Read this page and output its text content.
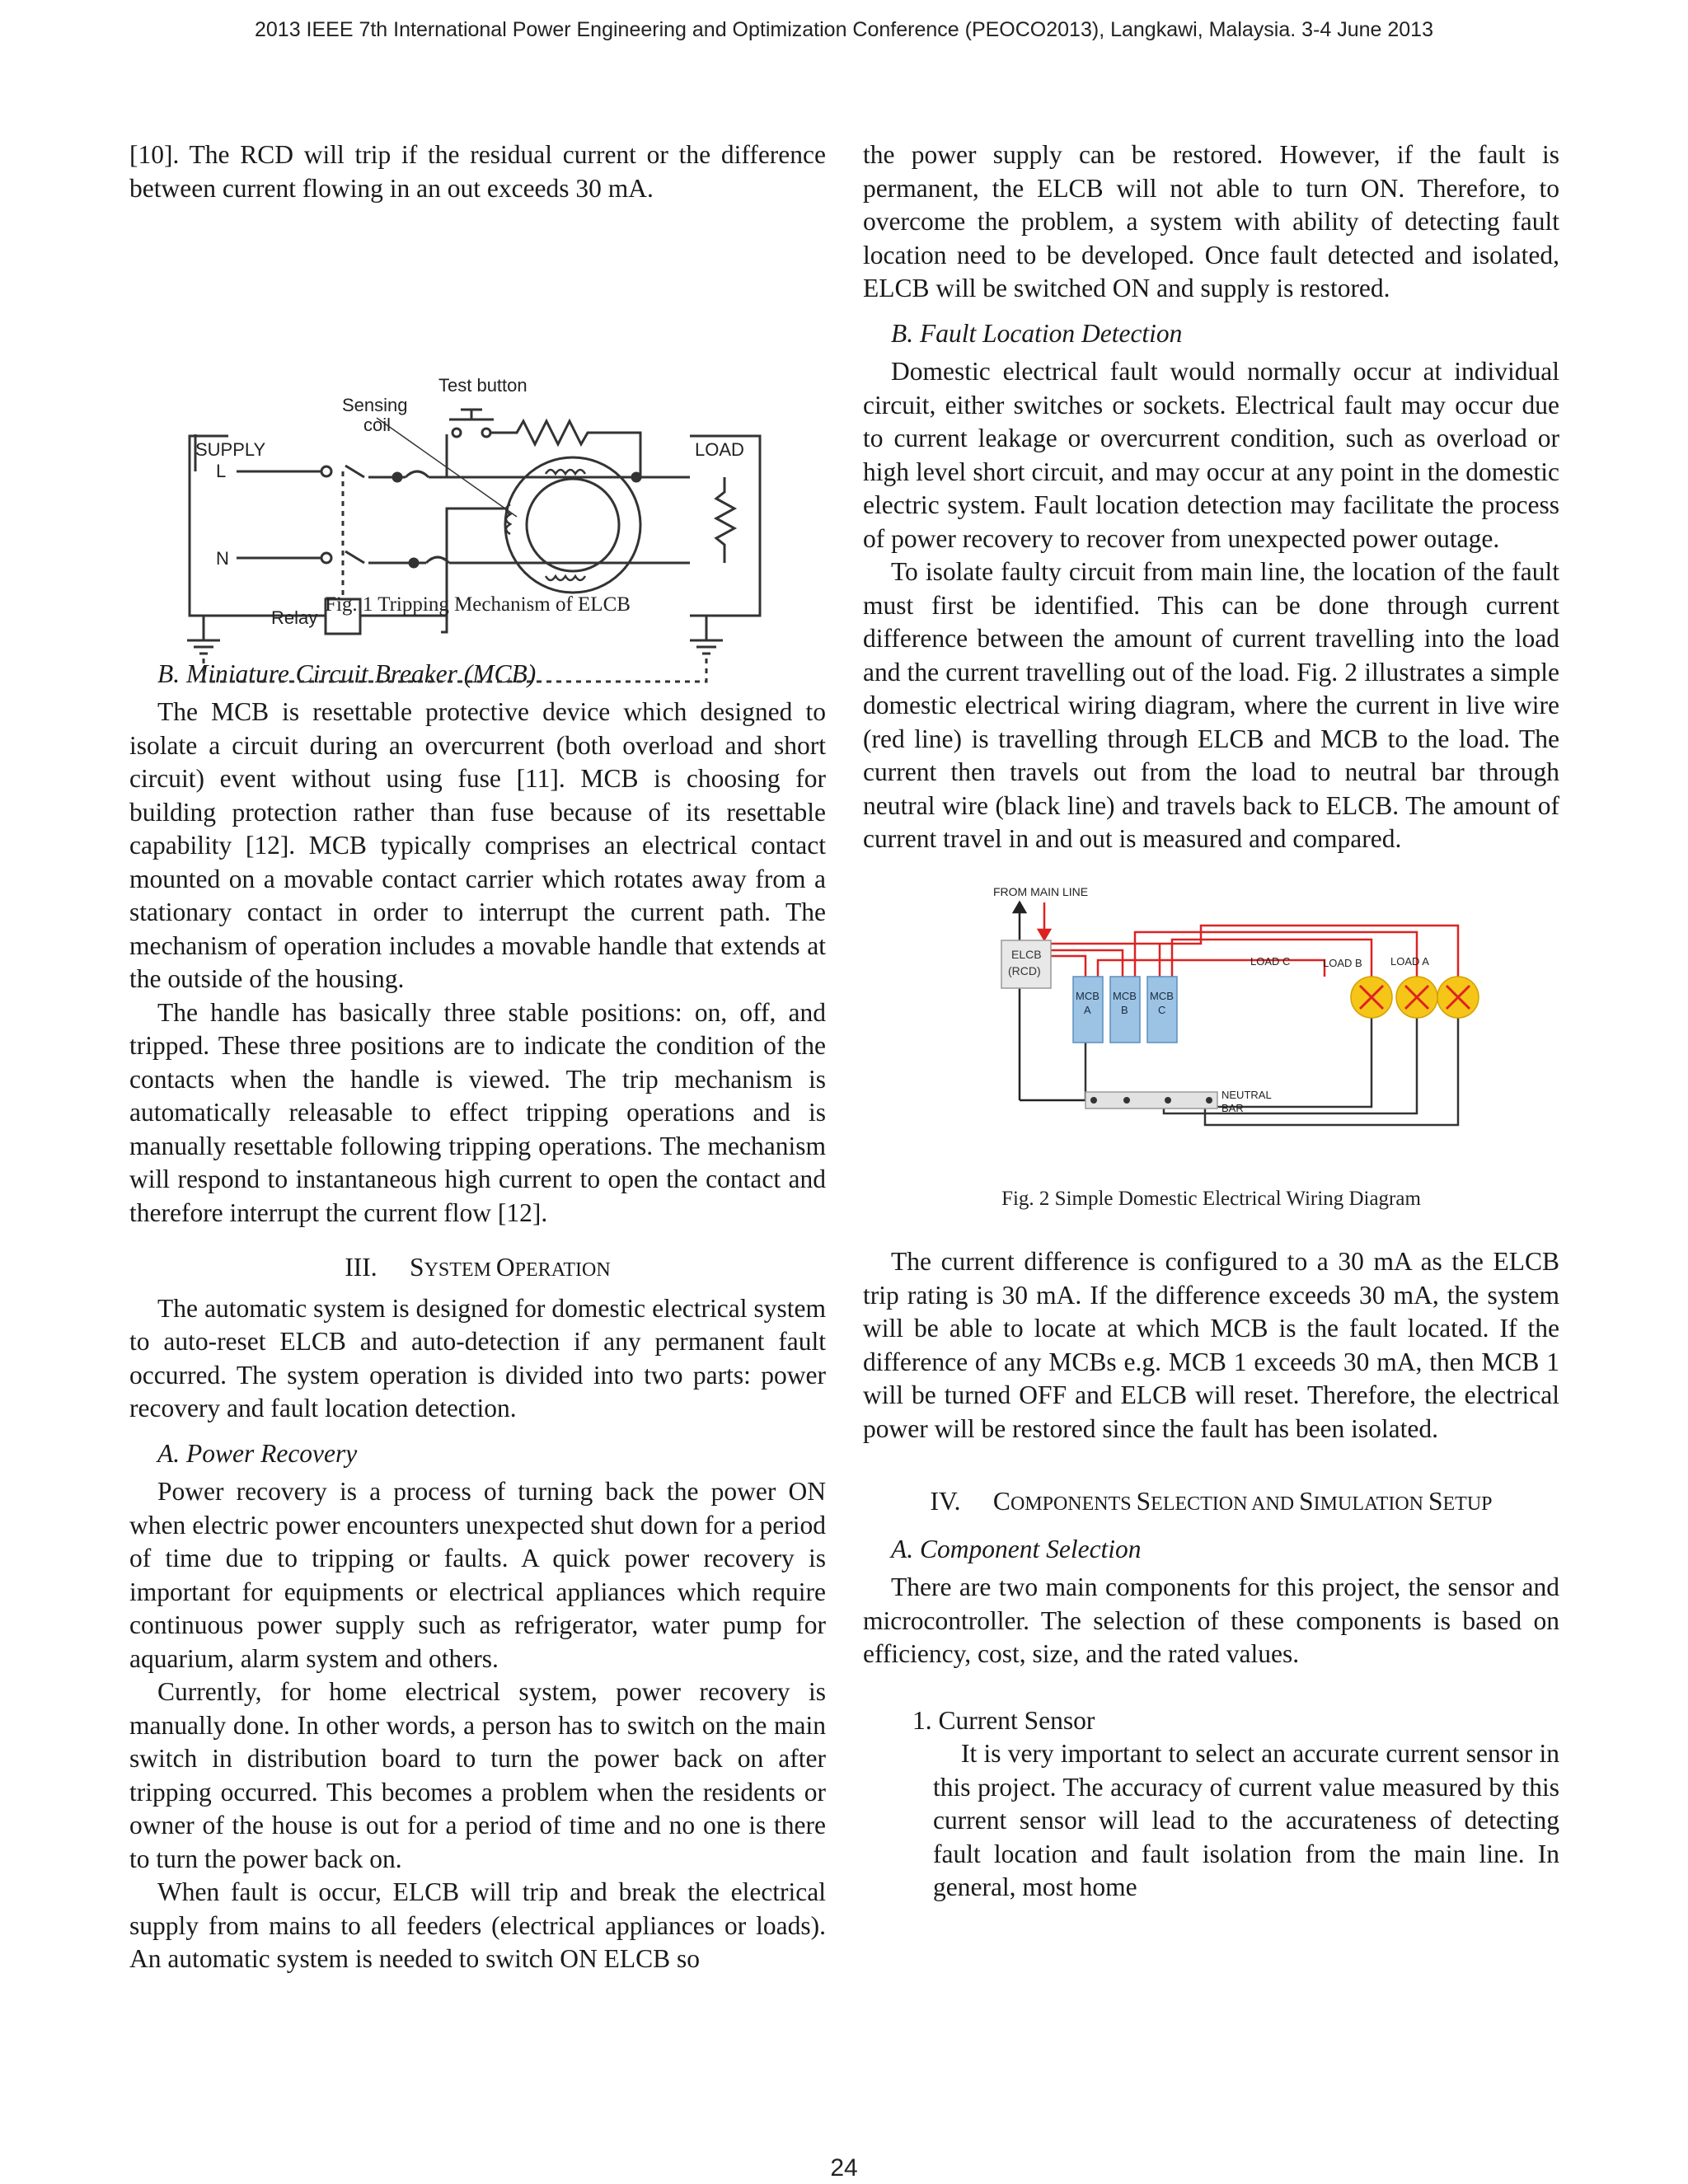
2013 IEEE 7th International Power Engineering and Optimization Conference (PEOCO2013), Langkawi, Malaysia. 3-4 June 2013

[10]. The RCD will trip if the residual current or the difference between current flowing in an out exceeds 30 mA.

Test button
Sensing
coil
SUPPLY	LOAD
L
N
Relay
Fig. 1 Tripping Mechanism of ELCB

B. Miniature Circuit Breaker (MCB)

The MCB is resettable protective device which designed to isolate a circuit during an overcurrent (both overload and short circuit) event without using fuse [11]. MCB is choosing for building protection rather than fuse because of its resettable capability [12]. MCB typically comprises an electrical contact mounted on a movable contact carrier which rotates away from a stationary contact in order to interrupt the current path. The mechanism of operation includes a movable handle that extends at the outside of the housing.

The handle has basically three stable positions: on, off, and tripped. These three positions are to indicate the condition of the contacts when the handle is viewed. The trip mechanism is automatically releasable to effect tripping operations and is manually resettable following tripping operations. The mechanism will respond to instantaneous high current to open the contact and therefore interrupt the current flow [12].

III. SYSTEM OPERATION

The automatic system is designed for domestic electrical system to auto-reset ELCB and auto-detection if any permanent fault occurred. The system operation is divided into two parts: power recovery and fault location detection.

A. Power Recovery

Power recovery is a process of turning back the power ON when electric power encounters unexpected shut down for a period of time due to tripping or faults. A quick power recovery is important for equipments or electrical appliances which require continuous power supply such as refrigerator, water pump for aquarium, alarm system and others.

Currently, for home electrical system, power recovery is manually done. In other words, a person has to switch on the main switch in distribution board to turn the power back on after tripping occurred. This becomes a problem when the residents or owner of the house is out for a period of time and no one is there to turn the power back on.

When fault is occur, ELCB will trip and break the electrical supply from mains to all feeders (electrical appliances or loads). An automatic system is needed to switch ON ELCB so

the power supply can be restored. However, if the fault is permanent, the ELCB will not able to turn ON. Therefore, to overcome the problem, a system with ability of detecting fault location need to be developed. Once fault detected and isolated, ELCB will be switched ON and supply is restored.

B. Fault Location Detection

Domestic electrical fault would normally occur at individual circuit, either switches or sockets. Electrical fault may occur due to current leakage or overcurrent condition, such as overload or high level short circuit, and may occur at any point in the domestic electric system. Fault location detection may facilitate the process of power recovery to recover from unexpected power outage.

To isolate faulty circuit from main line, the location of the fault must first be identified. This can be done through current difference between the amount of current travelling into the load and the current travelling out of the load. Fig. 2 illustrates a simple domestic electrical wiring diagram, where the current in live wire (red line) is travelling through ELCB and MCB to the load. The current then travels out from the load to neutral bar through neutral wire (black line) and travels back to ELCB. The amount of current travel in and out is measured and compared.

FROM MAIN LINE
ELCB
(RCD)
MCB
A
MCB
B
MCB
C
LOAD C	LOAD B	LOAD A
NEUTRAL
BAR
Fig. 2 Simple Domestic Electrical Wiring Diagram

The current difference is configured to a 30 mA as the ELCB trip rating is 30 mA. If the difference exceeds 30 mA, the system will be able to locate at which MCB is the fault located. If the difference of any MCBs e.g. MCB 1 exceeds 30 mA, then MCB 1 will be turned OFF and ELCB will reset. Therefore, the electrical power will be restored since the fault has been isolated.

IV. COMPONENTS SELECTION AND SIMULATION SETUP

A. Component Selection

There are two main components for this project, the sensor and microcontroller. The selection of these components is based on efficiency, cost, size, and the rated values.

1. Current Sensor

It is very important to select an accurate current sensor in this project. The accuracy of current value measured by this current sensor will lead to the accurateness of detecting fault location and fault isolation from the main line. In general, most home

24
